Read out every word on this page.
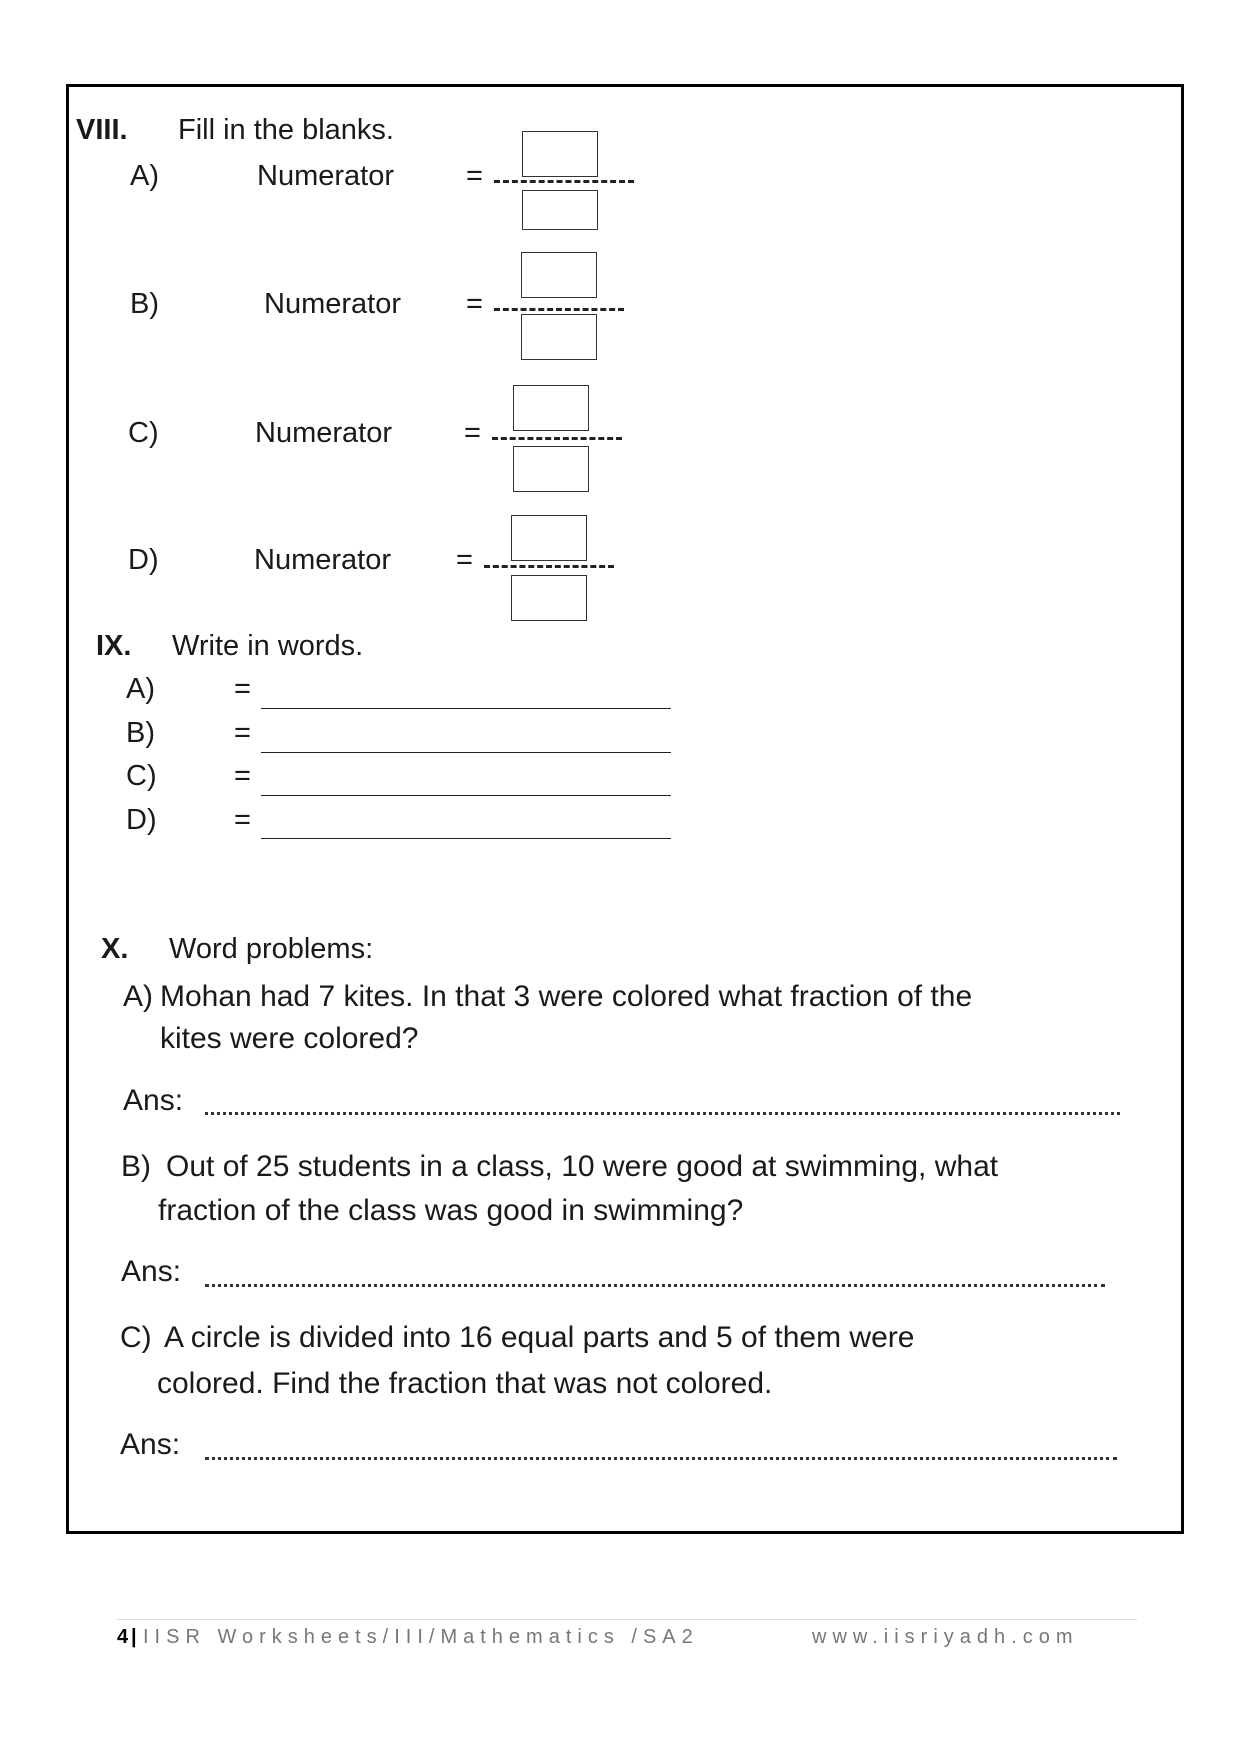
VIII. Fill in the blanks.
A)	Numerator =
B)	Numerator =
C)	Numerator =
D)	Numerator =
IX. Write in words.
A)	=
B)	=
C)	=
D)	=
X. Word problems:
A) Mohan had 7 kites. In that 3 were colored what fraction of the
kites were colored?
Ans:
B) Out of 25 students in a class, 10 were good at swimming, what
fraction of the class was good in swimming?
Ans:
C) A circle is divided into 16 equal parts and 5 of them were
colored. Find the fraction that was not colored.
Ans:
4 | IISR Worksheets/III/Mathematics /SA2	www.iisriyadh.com
